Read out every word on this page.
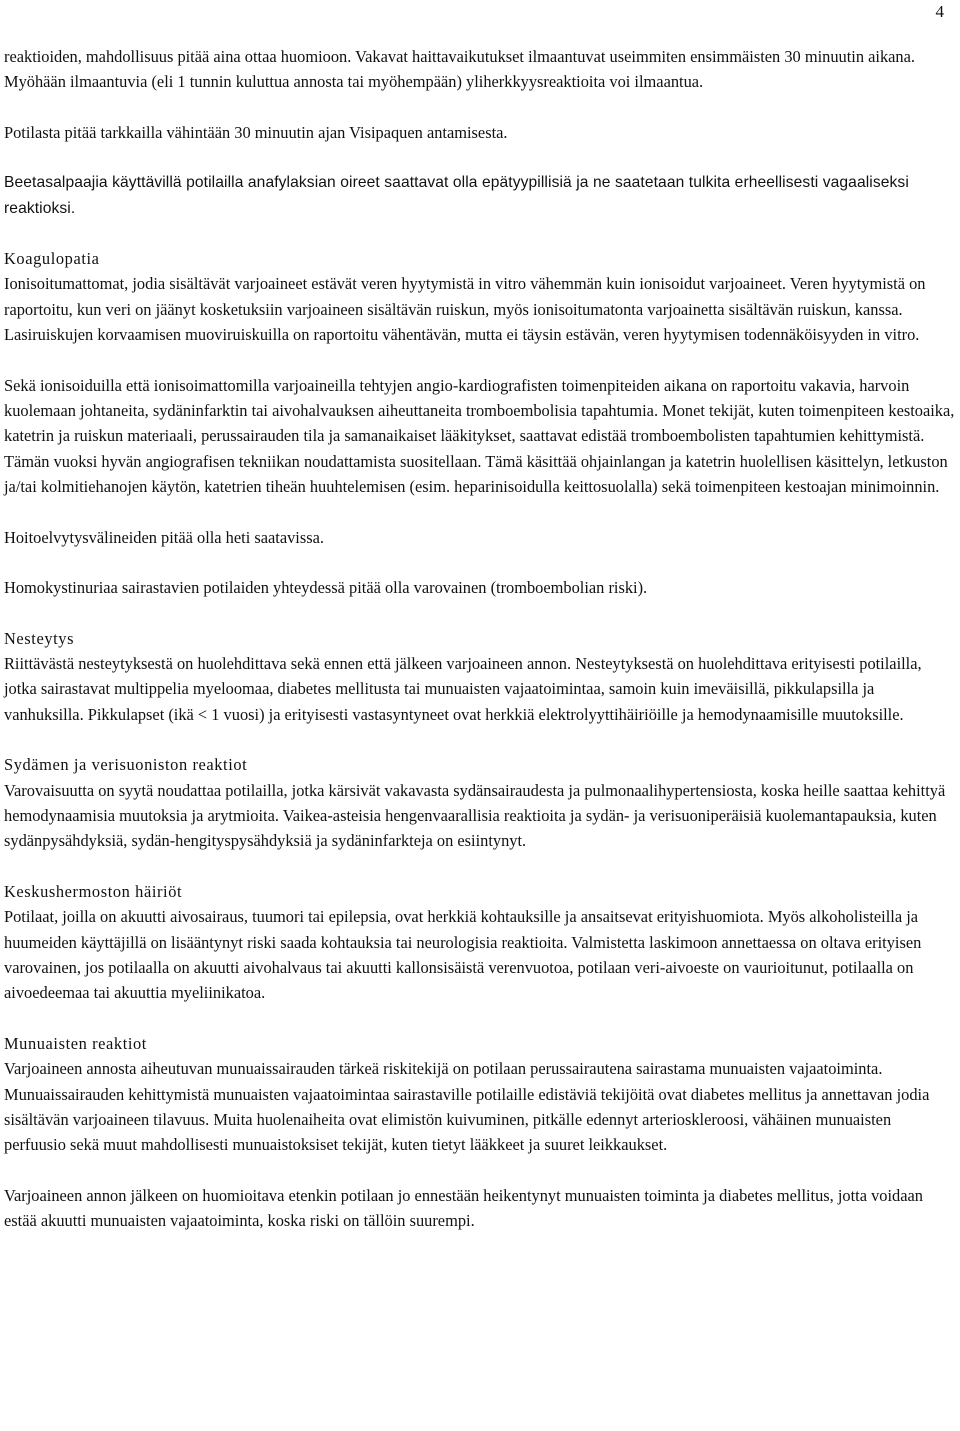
4

reaktioiden, mahdollisuus pitää aina ottaa huomioon. Vakavat haittavaikutukset ilmaantuvat useimmiten ensimmäisten 30 minuutin aikana. Myöhään ilmaantuvia (eli 1 tunnin kuluttua annosta tai myöhempään) yliherkkyysreaktioita voi ilmaantua.

Potilasta pitää tarkkailla vähintään 30 minuutin ajan Visipaquen antamisesta.

Beetasalpaajia käyttävillä potilailla anafylaksian oireet saattavat olla epätyypillisiä ja ne saatetaan tulkita erheellisesti vagaaliseksi reaktioksi.

Koagulopatia

Ionisoitumattomat, jodia sisältävät varjoaineet estävät veren hyytymistä in vitro vähemmän kuin ionisoidut varjoaineet. Veren hyytymistä on raportoitu, kun veri on jäänyt kosketuksiin varjoaineen sisältävän ruiskun, myös ionisoitumatonta varjoainetta sisältävän ruiskun, kanssa. Lasiruiskujen korvaamisen muoviruiskuilla on raportoitu vähentävän, mutta ei täysin estävän, veren hyytymisen todennäköisyyden in vitro.

Sekä ionisoiduilla että ionisoimattomilla varjoaineilla tehtyjen angio-kardiografisten toimenpiteiden aikana on raportoitu vakavia, harvoin kuolemaan johtaneita, sydäninfarktin tai aivohalvauksen aiheuttaneita tromboembolisia tapahtumia. Monet tekijät, kuten toimenpiteen kestoaika, katetrin ja ruiskun materiaali, perussairauden tila ja samanaikaiset lääkitykset, saattavat edistää tromboembolisten tapahtumien kehittymistä. Tämän vuoksi hyvän angiografisen tekniikan noudattamista suositellaan. Tämä käsittää ohjainlangan ja katetrin huolellisen käsittelyn, letkuston ja/tai kolmitiehanojen käytön, katetrien tiheän huuhtelemisen (esim. heparinisoidulla keittosuolalla) sekä toimenpiteen kestoajan minimoinnin.

Hoitoelvytysvälineiden pitää olla heti saatavissa.

Homokystinuriaa sairastavien potilaiden yhteydessä pitää olla varovainen (tromboembolian riski).

Nesteytys

Riittävästä nesteytyksestä on huolehdittava sekä ennen että jälkeen varjoaineen annon. Nesteytyksestä on huolehdittava erityisesti potilailla, jotka sairastavat multippelia myeloomaa, diabetes mellitusta tai munuaisten vajaatoimintaa, samoin kuin imeväisillä, pikkulapsilla ja vanhuksilla. Pikkulapset (ikä < 1 vuosi) ja erityisesti vastasyntyneet ovat herkkiä elektrolyyttihäiriöille ja hemodynaamisille muutoksille.

Sydämen ja verisuoniston reaktiot

Varovaisuutta on syytä noudattaa potilailla, jotka kärsivät vakavasta sydänsairaudesta ja pulmonaalihypertensiosta, koska heille saattaa kehittyä hemodynaamisia muutoksia ja arytmioita. Vaikea-asteisia hengenvaarallisia reaktioita ja sydän- ja verisuoniperäisiä kuolemantapauksia, kuten sydänpysähdyksiä, sydän-hengityspysähdyksiä ja sydäninfarkteja on esiintynyt.

Keskushermoston häiriöt

Potilaat, joilla on akuutti aivosairaus, tuumori tai epilepsia, ovat herkkiä kohtauksille ja ansaitsevat erityishuomiota. Myös alkoholisteilla ja huumeiden käyttäjillä on lisääntynyt riski saada kohtauksia tai neurologisia reaktioita. Valmistetta laskimoon annettaessa on oltava erityisen varovainen, jos potilaalla on akuutti aivohalvaus tai akuutti kallonsisäistä verenvuotoa, potilaan veri-aivoeste on vaurioitunut, potilaalla on aivoedeemaa tai akuuttia myeliinikatoa.

Munuaisten reaktiot

Varjoaineen annosta aiheutuvan munuaissairauden tärkeä riskitekijä on potilaan perussairautena sairastama munuaisten vajaatoiminta. Munuaissairauden kehittymistä munuaisten vajaatoimintaa sairastaville potilaille edistäviä tekijöitä ovat diabetes mellitus ja annettavan jodia sisältävän varjoaineen tilavuus. Muita huolenaiheita ovat elimistön kuivuminen, pitkälle edennyt arterioskleroosi, vähäinen munuaisten perfuusio sekä muut mahdollisesti munuaistoksiset tekijät, kuten tietyt lääkkeet ja suuret leikkaukset.

Varjoaineen annon jälkeen on huomioitava etenkin potilaan jo ennestään heikentynyt munuaisten toiminta ja diabetes mellitus, jotta voidaan estää akuutti munuaisten vajaatoiminta, koska riski on tällöin suurempi.
